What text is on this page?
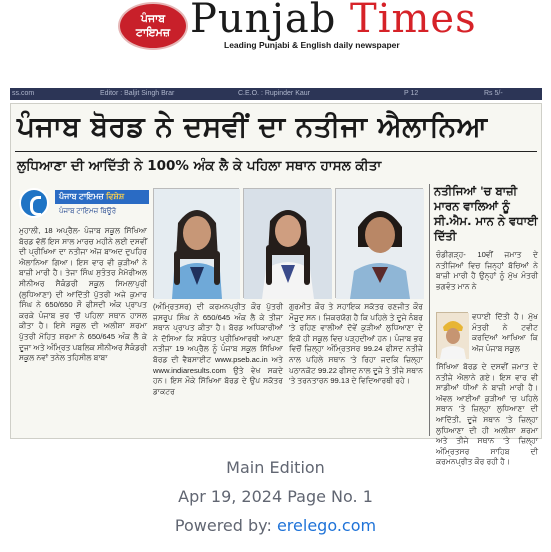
ਪੰਜਾਬ
ਟਾਇਮਜ਼ Punjab Times
Leading Punjabi & English daily newspaper
ss.com	Editor : Baljit Singh Brar	C.E.O. : Rupinder Kaur	P 12	Rs 5/-
ਪੰਜਾਬ ਬੋਰਡ ਨੇ ਦਸਵੀਂ ਦਾ ਨਤੀਜਾ ਐਲਾਨਿਆ
ਲੁਧਿਆਣਾ ਦੀ ਆਦਿੱਤੀ ਨੇ 100% ਅੰਕ ਲੈ ਕੇ ਪਹਿਲਾ ਸਥਾਨ ਹਾਸਲ ਕੀਤਾ
ਪੰਜਾਬ ਟਾਇਮਜ਼ ਵਿਸ਼ੇਸ਼
ਪੰਜਾਬ ਟਾਇਮਜ਼ ਬਿਊਰੋ

ਮੁਹਾਲੀ, 18 ਅਪ੍ਰੈਲ- ਪੰਜਾਬ ਸਕੂਲ ਸਿੱਖਿਆ ਬੋਰਡ ਵੱਲੋਂ ਇਸ ਸਾਲ ਮਾਰਚ ਮਹੀਨੇ ਲਈ ਦਸਵੀਂ ਦੀ ਪ੍ਰੀਖਿਆ ਦਾ ਨਤੀਜਾ ਅੱਜ ਬਾਅਦ ਦੁਪਹਿਰ ਐਲਾਨਿਆ ਗਿਆ। ਇਸ ਵਾਰ ਵੀ ਕੁੜੀਆਂ ਨੇ ਬਾਜ਼ੀ ਮਾਰੀ ਹੈ। ਤੇਜਾ ਸਿੰਘ ਸੁਤੰਤਰ ਮੈਮੋਰੀਅਲ ਸੀਨੀਅਰ ਸੈਕੰਡਰੀ ਸਕੂਲ ਸਿਮਲਾਪੁਰੀ (ਲੁਧਿਆਣਾ) ਦੀ ਆਦਿੱਤੀ ਪੁੱਤਰੀ ਅਜੇ ਕੁਮਾਰ ਸਿੰਘ ਨੇ 650/650 ਸੌ ਫੀਸਦੀ ਅੰਕ ਪ੍ਰਾਪਤ ਕਰਕੇ ਪੰਜਾਬ ਭਰ 'ਚੋਂ ਪਹਿਲਾ ਸਥਾਨ ਹਾਸਲ ਕੀਤਾ ਹੈ। ਇਸੇ ਸਕੂਲ ਦੀ ਅਲੀਸ਼ਾ ਸ਼ਰਮਾ ਪੁੱਤਰੀ ਮੋਹਿਤ ਸ਼ਰਮਾ ਨੇ 650/645 ਅੰਕ ਲੈ ਕੇ ਦੂਜਾ ਅਤੇ ਅੰਮ੍ਰਿਤ ਪਬਲਿਕ ਸੀਨੀਅਰ ਸੈਕੰਡਰੀ ਸਕੂਲ ਨਵਾਂ ਤਨੇਲ ਤਹਿਸੀਲ ਬਾਬਾ

(ਅੰਮ੍ਰਿਤਸਰ) ਦੀ ਕਰਮਨਪ੍ਰੀਤ ਕੌਰ ਪੁੱਤਰੀ ਜਸਰੂਪ ਸਿੰਘ ਨੇ 650/645 ਅੰਕ ਲੈ ਕੇ ਤੀਜਾ ਸਥਾਨ ਪ੍ਰਾਪਤ ਕੀਤਾ ਹੈ। ਬੋਰਡ ਅਧਿਕਾਰੀਆਂ ਨੇ ਦੱਸਿਆ ਕਿ ਸਬੰਧਤ ਪ੍ਰੀਖਿਆਰਥੀ ਆਪਣਾ ਨਤੀਜਾ 19 ਅਪ੍ਰੈਲ ਨੂੰ ਪੰਜਾਬ ਸਕੂਲ ਸਿੱਖਿਆ ਬੋਰਡ ਦੀ ਵੈਬਸਾਈਟ www.pseb.ac.in ਅਤੇ www.indiaresults.com ਉਤੇ ਵੇਖ ਸਕਦੇ ਹਨ। ਇਸ ਮੌਕੇ ਸਿੱਖਿਆ ਬੋਰਡ ਦੇ ਉਪ ਸਕੱਤਰ ਡਾਕਟਰ

ਗੁਰਮੀਤ ਕੌਰ ਤੇ ਸਹਾਇਕ ਸਕੱਤਰ ਰਣਜੀਤ ਕੌਰ ਮੌਜੂਦ ਸਨ। ਜਿਕਰਯੋਗ ਹੈ ਕਿ ਪਹਿਲੇ ਤੇ ਦੂਜੇ ਨੰਬਰ 'ਤੇ ਰਹਿਣ ਵਾਲੀਆਂ ਦੋਵੇਂ ਕੁੜੀਆਂ ਲੁਧਿਆਣਾ ਦੇ ਇਕੋ ਹੀ ਸਕੂਲ ਵਿਚ ਪੜ੍ਹਦੀਆਂ ਹਨ। ਪੰਜਾਬ ਭਰ ਵਿਚੋਂ ਜ਼ਿਲ੍ਹਾ ਅੰਮ੍ਰਿਤਸਰ 99.24 ਫੀਸਦ ਨਤੀਜੇ ਨਾਲ ਪਹਿਲੇ ਸਥਾਨ 'ਤੇ ਰਿਹਾ ਜਦਕਿ ਜ਼ਿਲ੍ਹਾ ਪਠਾਨਕੋਟ 99.22 ਫੀਸਦ ਨਾਲ ਦੂਜੇ ਤੇ ਤੀਜੇ ਸਥਾਨ 'ਤੇ ਤਰਨਤਾਰਨ 99.13 ਦੇ ਵਿਦਿਆਰਥੀ ਰਹੇ।

ਨਤੀਜਿਆਂ 'ਚ ਬਾਜ਼ੀ ਮਾਰਨ ਵਾਲਿਆਂ ਨੂੰ ਸੀ.ਐਮ. ਮਾਨ ਨੇ ਵਧਾਈ ਦਿੱਤੀ

ਚੰਡੀਗੜ੍ਹ- 10ਵੀਂ ਜਮਾਤ ਦੇ ਨਤੀਜਿਆਂ ਵਿਚ ਜਿਨ੍ਹਾਂ ਬੱਚਿਆਂ ਨੇ ਬਾਜ਼ੀ ਮਾਰੀ ਹੈ ਉਨ੍ਹਾਂ ਨੂੰ ਮੁੱਖ ਮੰਤਰੀ ਭਗਵੰਤ ਮਾਨ ਨੇ

ਵਧਾਈ ਦਿੱਤੀ ਹੈ। ਮੁੱਖ ਮੰਤਰੀ ਨੇ ਟਵੀਟ ਕਰਦਿਆਂ ਆਖਿਆ ਕਿ ਅੱਜ ਪੰਜਾਬ ਸਕੂਲ

ਸਿੱਖਿਆ ਬੋਰਡ ਦੇ ਦਸਵੀਂ ਜਮਾਤ ਦੇ ਨਤੀਜੇ ਐਲਾਨੇ ਗਏ। ਇਸ ਵਾਰ ਵੀ ਸਾਡੀਆਂ ਧੀਆਂ ਨੇ ਬਾਜ਼ੀ ਮਾਰੀ ਹੈ। ਅੱਵਲ ਆਈਆਂ ਕੁੜੀਆਂ 'ਚ ਪਹਿਲੇ ਸਥਾਨ 'ਤੇ ਜ਼ਿਲ੍ਹਾ ਲੁਧਿਆਣਾ ਦੀ ਆਦਿੱਤੀ, ਦੂਜੇ ਸਥਾਨ 'ਤੇ ਜ਼ਿਲ੍ਹਾ ਲੁਧਿਆਣਾ ਦੀ ਹੀ ਅਲੀਸ਼ਾ ਸ਼ਰਮਾ ਅਤੇ ਤੀਜੇ ਸਥਾਨ 'ਤੇ ਜ਼ਿਲ੍ਹਾ ਅੰਮ੍ਰਿਤਸਰ ਸਾਹਿਬ ਦੀ ਕਰਮਨਪ੍ਰੀਤ ਕੌਰ ਰਹੀ ਹੈ।

Main Edition
Apr 19, 2024 Page No. 1
Powered by: erelego.com
